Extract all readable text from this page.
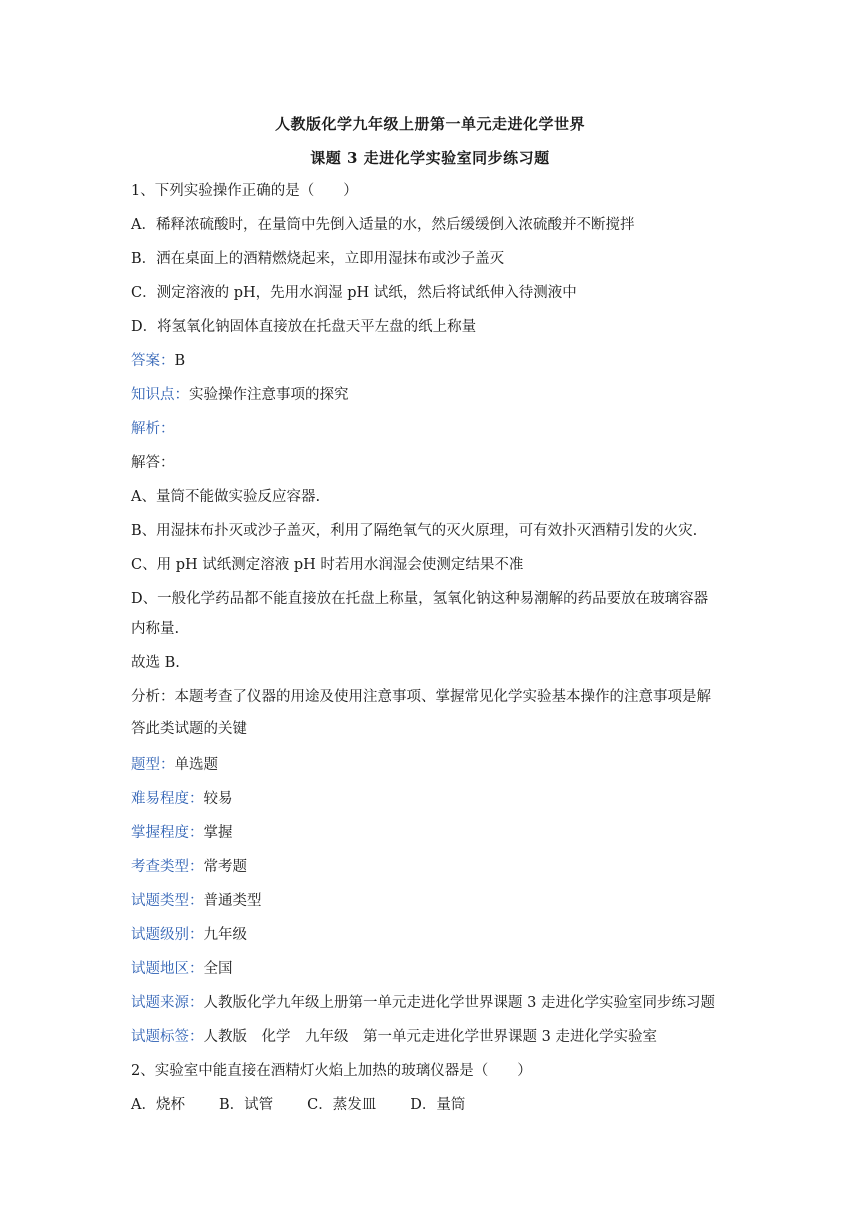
人教版化学九年级上册第一单元走进化学世界
课题 3 走进化学实验室同步练习题
1、下列实验操作正确的是（　　）
A．稀释浓硫酸时，在量筒中先倒入适量的水，然后缓缓倒入浓硫酸并不断搅拌
B．洒在桌面上的酒精燃烧起来，立即用湿抹布或沙子盖灭
C．测定溶液的 pH，先用水润湿 pH 试纸，然后将试纸伸入待测液中
D．将氢氧化钠固体直接放在托盘天平左盘的纸上称量
答案：B
知识点：实验操作注意事项的探究
解析：
解答：
A、量筒不能做实验反应容器.
B、用湿抹布扑灭或沙子盖灭，利用了隔绝氧气的灭火原理，可有效扑灭酒精引发的火灾.
C、用 pH 试纸测定溶液 pH 时若用水润湿会使测定结果不准
D、一般化学药品都不能直接放在托盘上称量，氢氧化钠这种易潮解的药品要放在玻璃容器
内称量.
故选 B.
分析：本题考查了仪器的用途及使用注意事项、掌握常见化学实验基本操作的注意事项是解
答此类试题的关键
题型：单选题
难易程度：较易
掌握程度：掌握
考查类型：常考题
试题类型：普通类型
试题级别：九年级
试题地区：全国
试题来源：人教版化学九年级上册第一单元走进化学世界课题 3 走进化学实验室同步练习题
试题标签：人教版　化学　九年级　第一单元走进化学世界课题 3 走进化学实验室
2、实验室中能直接在酒精灯火焰上加热的玻璃仪器是（　　）
A．烧杯 B．试管 C．蒸发皿 D．量筒
